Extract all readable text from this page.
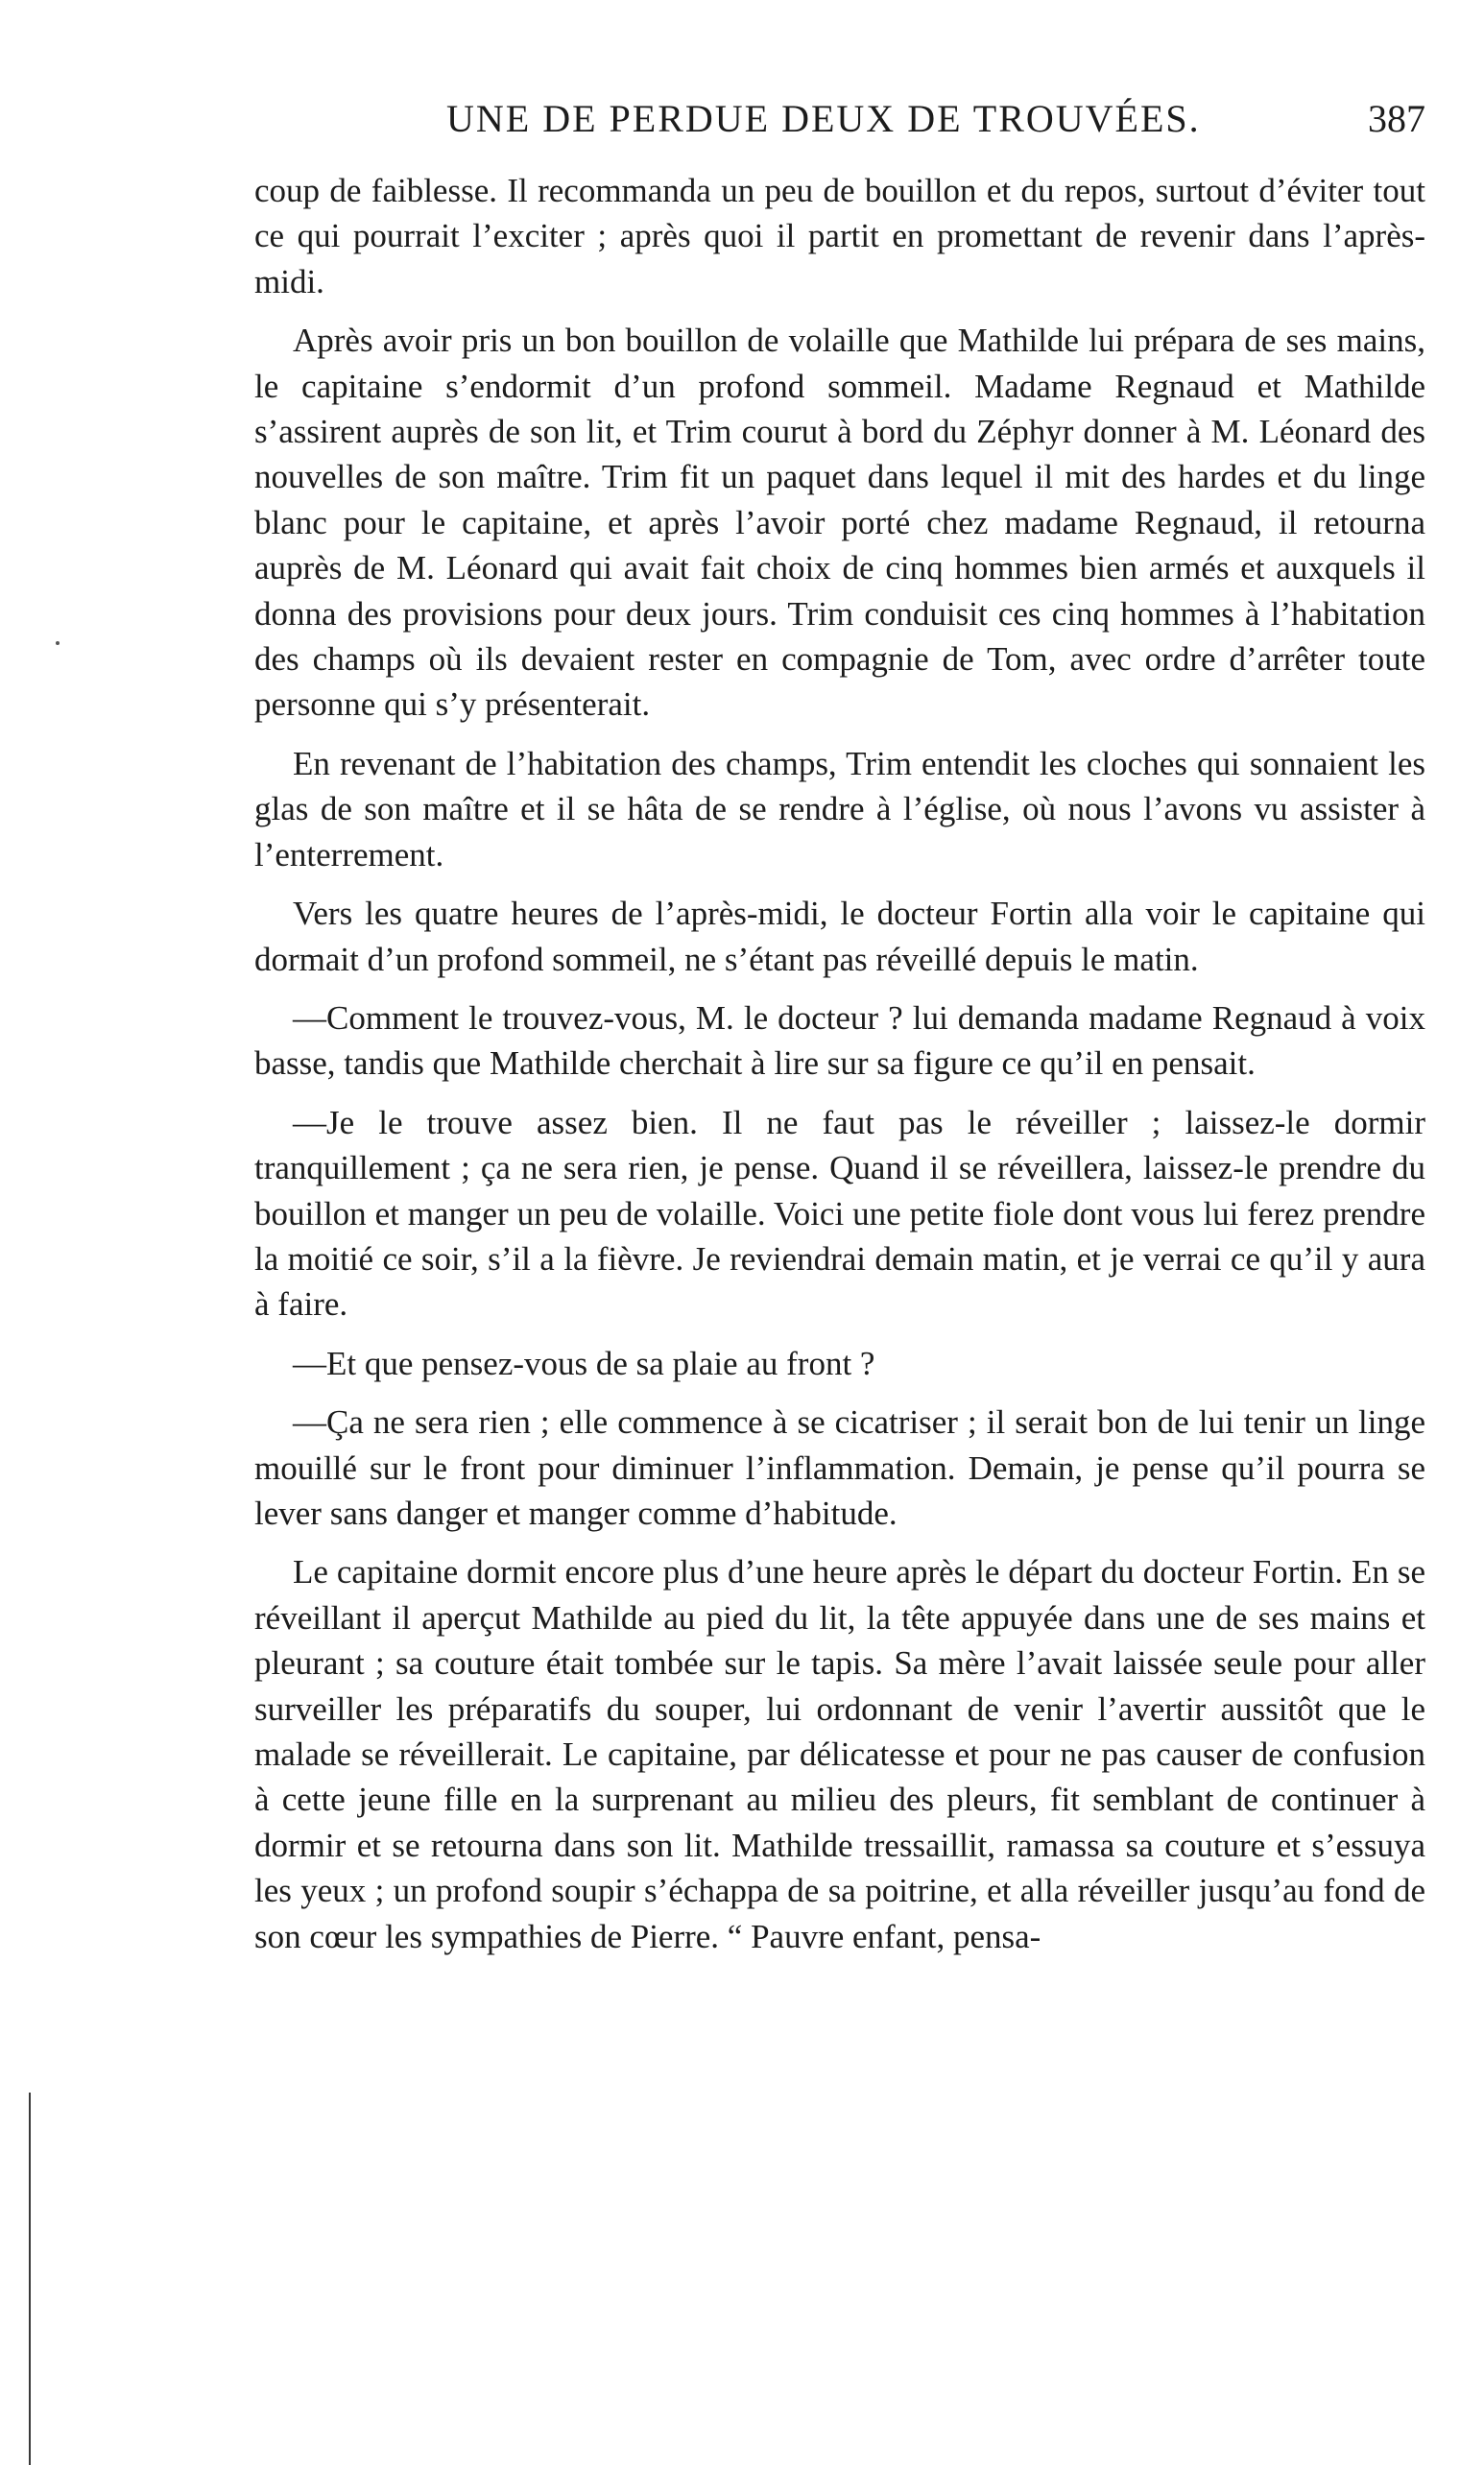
UNE DE PERDUE DEUX DE TROUVÉES.	387

coup de faiblesse. Il recommanda un peu de bouillon et du repos, surtout d’éviter tout ce qui pourrait l’exciter ; après quoi il partit en promettant de revenir dans l’après-midi.

Après avoir pris un bon bouillon de volaille que Mathilde lui prépara de ses mains, le capitaine s’endormit d’un profond sommeil. Madame Regnaud et Mathilde s’assirent auprès de son lit, et Trim courut à bord du Zéphyr donner à M. Léonard des nouvelles de son maître. Trim fit un paquet dans lequel il mit des hardes et du linge blanc pour le capitaine, et après l’avoir porté chez madame Regnaud, il retourna auprès de M. Léonard qui avait fait choix de cinq hommes bien armés et auxquels il donna des provisions pour deux jours. Trim conduisit ces cinq hommes à l’habitation des champs où ils devaient rester en compagnie de Tom, avec ordre d’arrêter toute personne qui s’y présenterait.

En revenant de l’habitation des champs, Trim entendit les cloches qui sonnaient les glas de son maître et il se hâta de se rendre à l’église, où nous l’avons vu assister à l’enterrement.

Vers les quatre heures de l’après-midi, le docteur Fortin alla voir le capitaine qui dormait d’un profond sommeil, ne s’étant pas réveillé depuis le matin.

—Comment le trouvez-vous, M. le docteur ? lui demanda madame Regnaud à voix basse, tandis que Mathilde cherchait à lire sur sa figure ce qu’il en pensait.

—Je le trouve assez bien. Il ne faut pas le réveiller ; laissez-le dormir tranquillement ; ça ne sera rien, je pense. Quand il se réveillera, laissez-le prendre du bouillon et manger un peu de volaille. Voici une petite fiole dont vous lui ferez prendre la moitié ce soir, s’il a la fièvre. Je reviendrai demain matin, et je verrai ce qu’il y aura à faire.

—Et que pensez-vous de sa plaie au front ?

—Ça ne sera rien ; elle commence à se cicatriser ; il serait bon de lui tenir un linge mouillé sur le front pour diminuer l’inflammation. Demain, je pense qu’il pourra se lever sans danger et manger comme d’habitude.

Le capitaine dormit encore plus d’une heure après le départ du docteur Fortin. En se réveillant il aperçut Mathilde au pied du lit, la tête appuyée dans une de ses mains et pleurant ; sa couture était tombée sur le tapis. Sa mère l’avait laissée seule pour aller surveiller les préparatifs du souper, lui ordonnant de venir l’avertir aussitôt que le malade se réveillerait. Le capitaine, par délicatesse et pour ne pas causer de confusion à cette jeune fille en la surprenant au milieu des pleurs, fit semblant de continuer à dormir et se retourna dans son lit. Mathilde tressaillit, ramassa sa couture et s’essuya les yeux ; un profond soupir s’échappa de sa poitrine, et alla réveiller jusqu’au fond de son cœur les sympathies de Pierre. “ Pauvre enfant, pensa-
